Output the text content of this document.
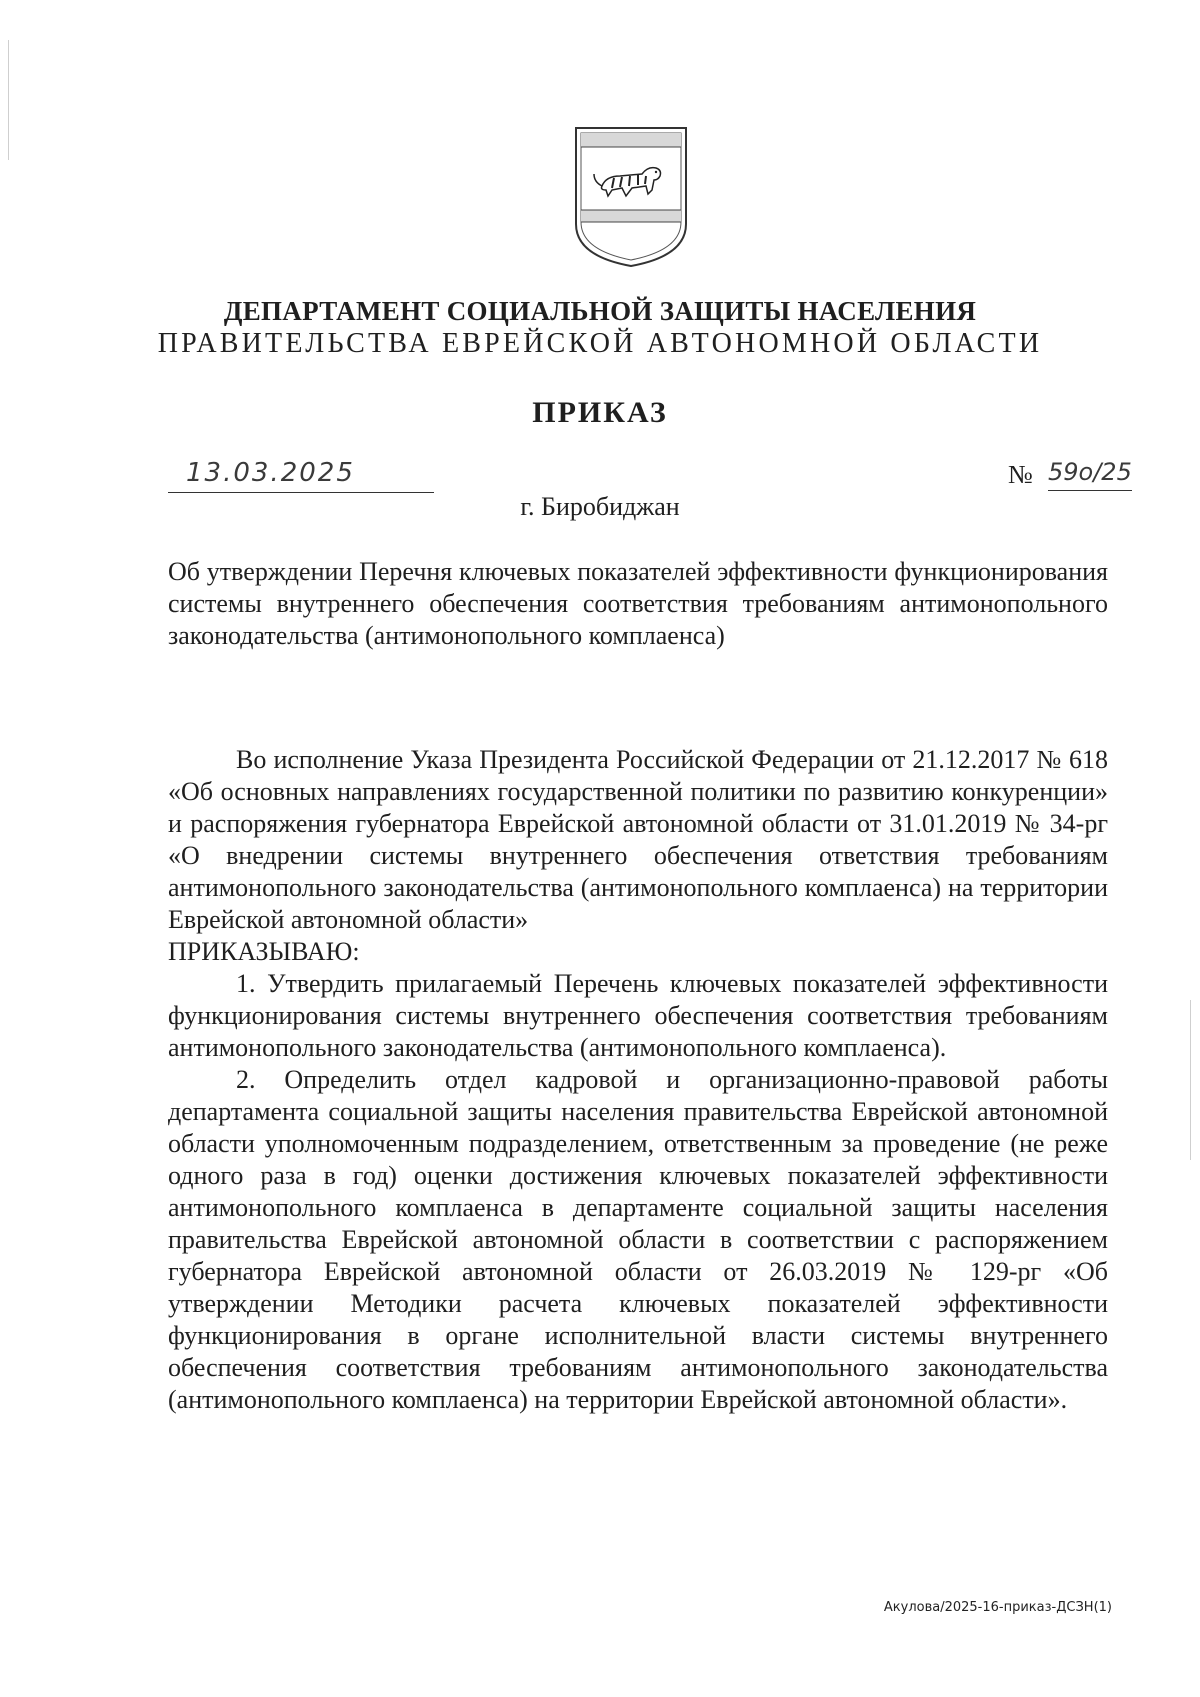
ДЕПАРТАМЕНТ СОЦИАЛЬНОЙ ЗАЩИТЫ НАСЕЛЕНИЯ
ПРАВИТЕЛЬСТВА ЕВРЕЙСКОЙ АВТОНОМНОЙ ОБЛАСТИ
ПРИКАЗ
13.03.2025	№ 59о/25
г. Биробиджан
Об утверждении Перечня ключевых показателей эффективности функционирования системы внутреннего обеспечения соответствия требованиям антимонопольного законодательства (антимонопольного комплаенса)

Во исполнение Указа Президента Российской Федерации от 21.12.2017 № 618 «Об основных направлениях государственной политики по развитию конкуренции» и распоряжения губернатора Еврейской автономной области от 31.01.2019 № 34-рг «О внедрении системы внутреннего обеспечения ответствия требованиям антимонопольного законодательства (антимонопольного комплаенса) на территории Еврейской автономной области»

ПРИКАЗЫВАЮ:

1. Утвердить прилагаемый Перечень ключевых показателей эффективности функционирования системы внутреннего обеспечения соответствия требованиям антимонопольного законодательства (антимонопольного комплаенса).

2. Определить отдел кадровой и организационно-правовой работы департамента социальной защиты населения правительства Еврейской автономной области уполномоченным подразделением, ответственным за проведение (не реже одного раза в год) оценки достижения ключевых показателей эффективности антимонопольного комплаенса в департаменте социальной защиты населения правительства Еврейской автономной области в соответствии с распоряжением губернатора Еврейской автономной области от 26.03.2019 № 129-рг «Об утверждении Методики расчета ключевых показателей эффективности функционирования в органе исполнительной власти системы внутреннего обеспечения соответствия требованиям антимонопольного законодательства (антимонопольного комплаенса) на территории Еврейской автономной области».

Акулова/2025-16-приказ-ДСЗН(1)
